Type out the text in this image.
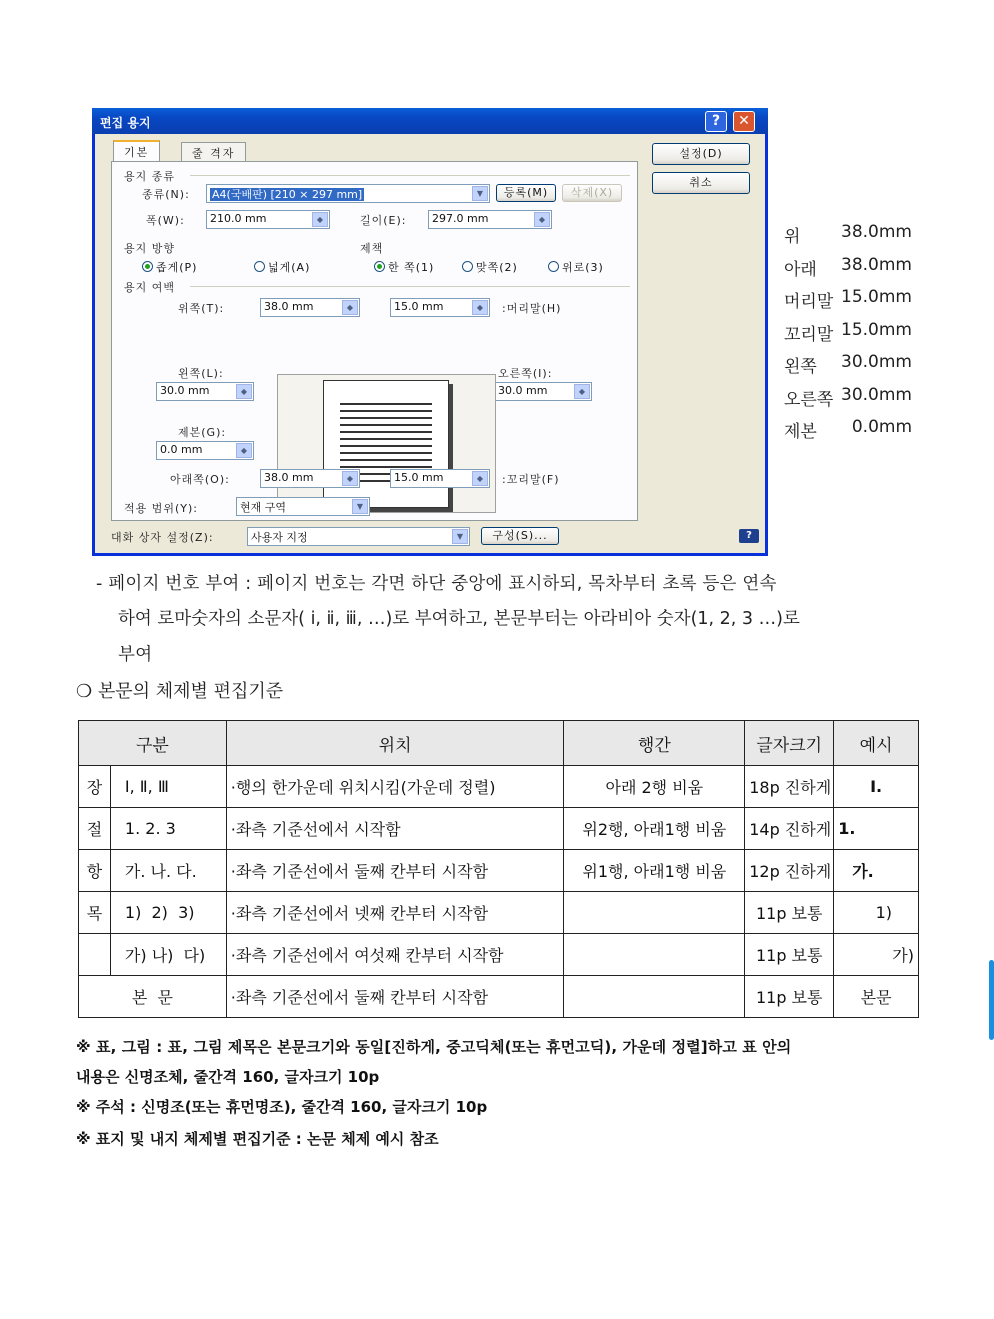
편집 용지	?	✕
기본	줄 격자	설정(D)
취소
용지 종류
종류(N):	A4(국배판) [210 × 297 mm]	▼	등록(M)	삭제(X)
폭(W):	210.0 mm	◆	길이(E):	297.0 mm	◆
용지 방향	제책
좁게(P)	넓게(A)	한 쪽(1)	맞쪽(2)	위로(3)
용지 여백
위쪽(T):	38.0 mm	◆	15.0 mm	◆	:머리말(H)
왼쪽(L):
30.0 mm	◆
오른쪽(I):
30.0 mm	◆
제본(G):
0.0 mm	◆
아래쪽(O):	38.0 mm	◆	15.0 mm	◆	:꼬리말(F)
적용 범위(Y):	현재 구역	▼
대화 상자 설정(Z):	사용자 지정	▼	구성(S)...	?
위 38.0mm
아래 38.0mm
머리말 15.0mm
꼬리말 15.0mm
왼쪽 30.0mm
오른쪽 30.0mm
제본 0.0mm
- 페이지 번호 부여 : 페이지 번호는 각면 하단 중앙에 표시하되, 목차부터 초록 등은 연속
하여 로마숫자의 소문자( ⅰ, ⅱ, ⅲ, …)로 부여하고, 본문부터는 아라비아 숫자(1, 2, 3 …)로
부여
❍ 본문의 체제별 편집기준
구분		위치	행간	글자크기	예시
장	Ⅰ, Ⅱ, Ⅲ	·행의 한가운데 위치시킴(가운데 정렬)	아래 2행 비움	18p 진하게	Ⅰ.
절	1. 2. 3	·좌측 기준선에서 시작함	위2행, 아래1행 비움	14p 진하게	1.
항	가. 나. 다.	·좌측 기준선에서 둘째 칸부터 시작함	위1행, 아래1행 비움	12p 진하게	가.
목	1)  2)  3)	·좌측 기준선에서 넷째 칸부터 시작함		11p 보통	1)
	가) 나)  다)	·좌측 기준선에서 여섯째 칸부터 시작함		11p 보통	가)
본  문		·좌측 기준선에서 둘째 칸부터 시작함		11p 보통	본문
※ 표, 그림 : 표, 그림 제목은 본문크기와 동일[진하게, 중고딕체(또는 휴먼고딕), 가운데 정렬]하고 표 안의
내용은 신명조체, 줄간격 160, 글자크기 10p
※ 주석 : 신명조(또는 휴먼명조), 줄간격 160, 글자크기 10p
※ 표지 및 내지 체제별 편집기준 : 논문 체제 예시 참조
